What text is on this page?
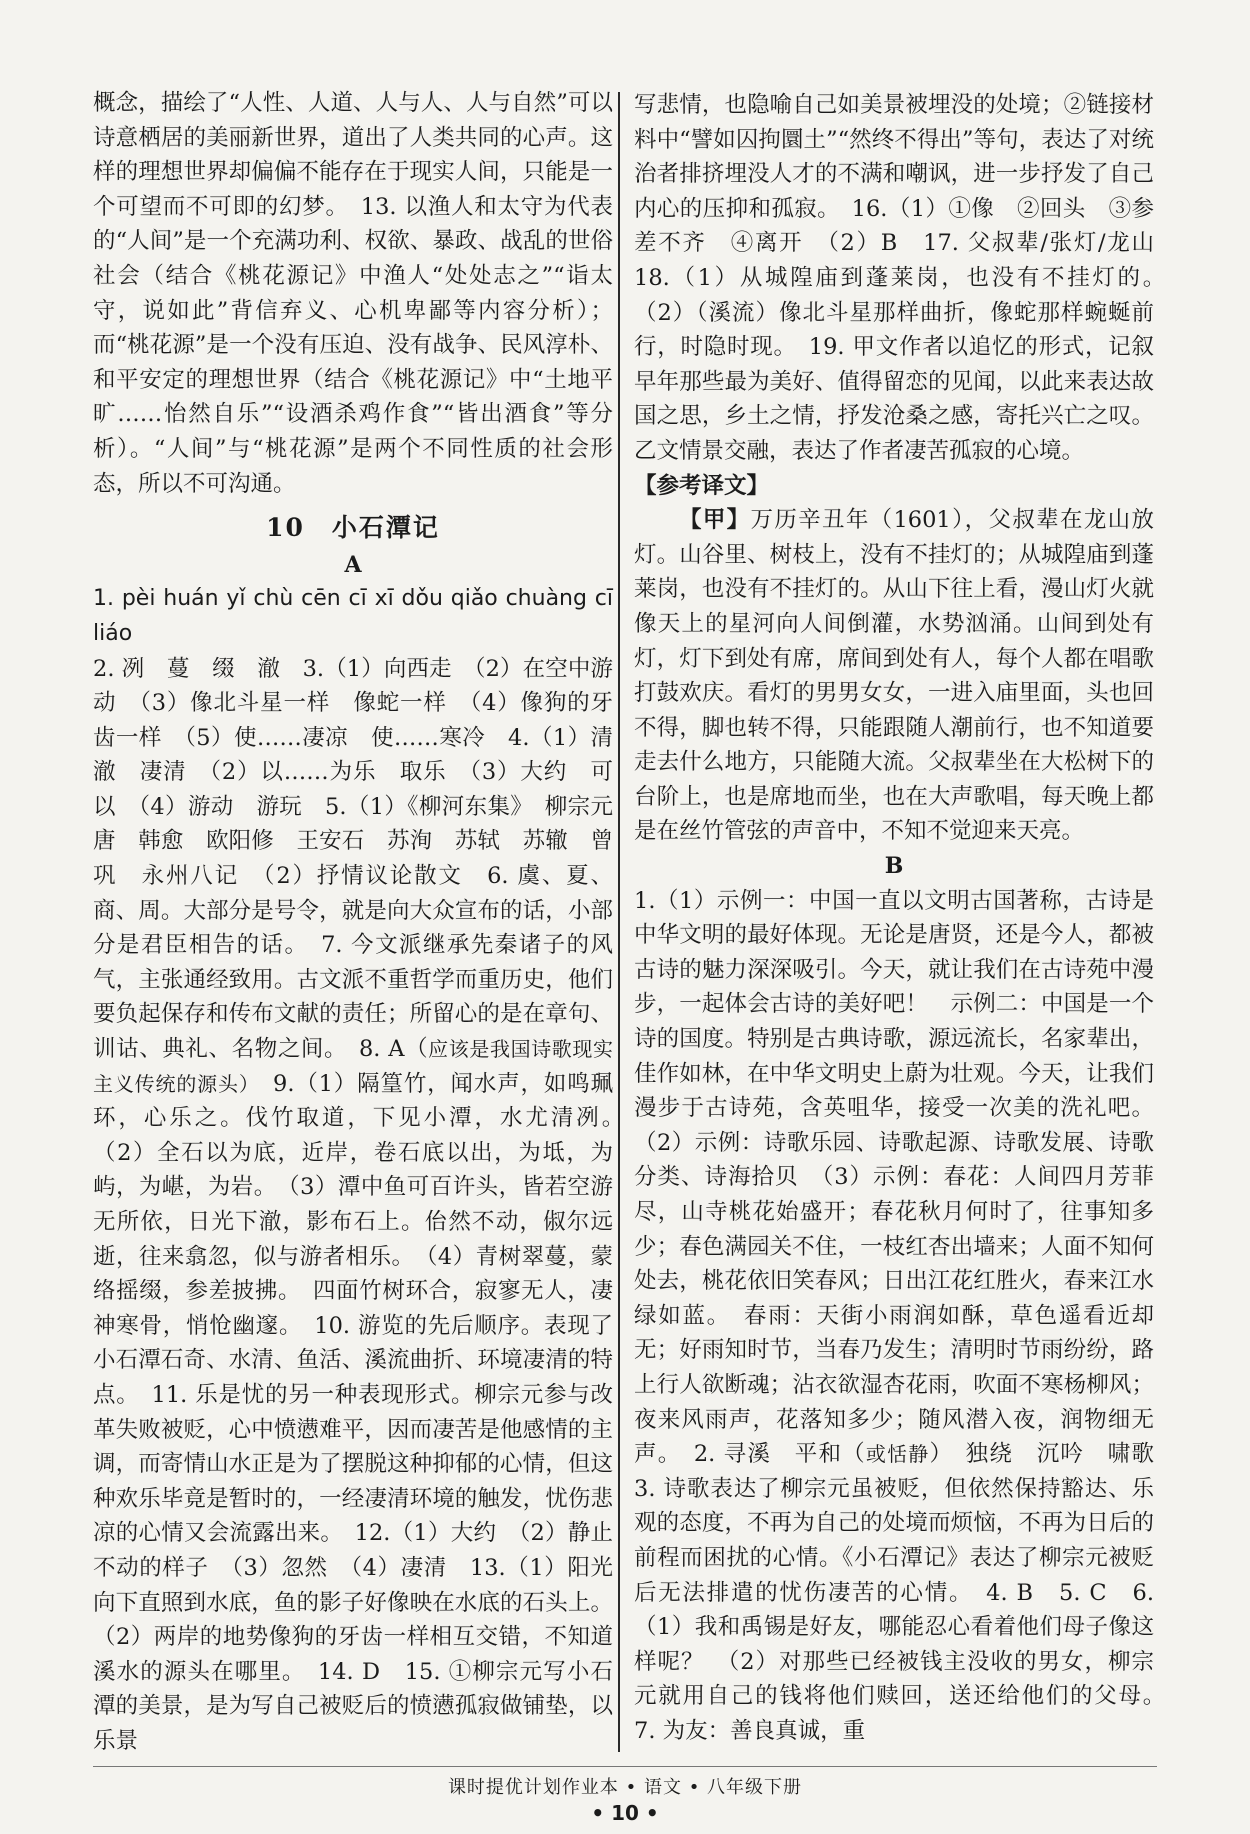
概念，描绘了“人性、人道、人与人、人与自然”可以诗意栖居的美丽新世界，道出了人类共同的心声。这样的理想世界却偏偏不能存在于现实人间，只能是一个可望而不可即的幻梦。　13. 以渔人和太守为代表的“人间”是一个充满功利、权欲、暴政、战乱的世俗社会（结合《桃花源记》中渔人“处处志之”“诣太守，说如此”背信弃义、心机卑鄙等内容分析）；而“桃花源”是一个没有压迫、没有战争、民风淳朴、和平安定的理想世界（结合《桃花源记》中“土地平旷……怡然自乐”“设酒杀鸡作食”“皆出酒食”等分析）。“人间”与“桃花源”是两个不同性质的社会形态，所以不可沟通。

10　小石潭记
A

1. pèi huán yǐ chù cēn cī xī dǒu qiǎo chuàng cī liáo

2. 冽　蔓　缀　澈　3.（1）向西走　（2）在空中游动　（3）像北斗星一样　像蛇一样　（4）像狗的牙齿一样　（5）使……凄凉　使……寒冷　4.（1）清澈　凄清　（2）以……为乐　取乐　（3）大约　可以　（4）游动　游玩　5.（1）《柳河东集》　柳宗元　唐　韩愈　欧阳修　王安石　苏洵　苏轼　苏辙　曾巩　永州八记　（2）抒情议论散文　6. 虞、夏、商、周。大部分是号令，就是向大众宣布的话，小部分是君臣相告的话。　7. 今文派继承先秦诸子的风气，主张通经致用。古文派不重哲学而重历史，他们要负起保存和传布文献的责任；所留心的是在章句、训诂、典礼、名物之间。　8. A（应该是我国诗歌现实主义传统的源头）　9.（1）隔篁竹，闻水声，如鸣珮环，心乐之。伐竹取道，下见小潭，水尤清冽。　（2）全石以为底，近岸，卷石底以出，为坻，为屿，为嵁，为岩。　（3）潭中鱼可百许头，皆若空游无所依，日光下澈，影布石上。佁然不动，俶尔远逝，往来翕忽，似与游者相乐。　（4）青树翠蔓，蒙络摇缀，参差披拂。　四面竹树环合，寂寥无人，凄神寒骨，悄怆幽邃。　10. 游览的先后顺序。表现了小石潭石奇、水清、鱼活、溪流曲折、环境凄清的特点。　11. 乐是忧的另一种表现形式。柳宗元参与改革失败被贬，心中愤懑难平，因而凄苦是他感情的主调，而寄情山水正是为了摆脱这种抑郁的心情，但这种欢乐毕竟是暂时的，一经凄清环境的触发，忧伤悲凉的心情又会流露出来。　12.（1）大约　（2）静止不动的样子　（3）忽然　（4）凄清　13.（1）阳光向下直照到水底，鱼的影子好像映在水底的石头上。（2）两岸的地势像狗的牙齿一样相互交错，不知道溪水的源头在哪里。　14. D　15. ①柳宗元写小石潭的美景，是为写自己被贬后的愤懑孤寂做铺垫，以乐景

写悲情，也隐喻自己如美景被埋没的处境；②链接材料中“譬如囚拘圜土”“然终不得出”等句，表达了对统治者排挤埋没人才的不满和嘲讽，进一步抒发了自己内心的压抑和孤寂。　16.（1）①像　②回头　③参差不齐　④离开　（2）B　17. 父叔辈/张灯/龙山　18.（1）从城隍庙到蓬莱岗，也没有不挂灯的。　（2）（溪流）像北斗星那样曲折，像蛇那样蜿蜒前行，时隐时现。　19. 甲文作者以追忆的形式，记叙早年那些最为美好、值得留恋的见闻，以此来表达故国之思，乡土之情，抒发沧桑之感，寄托兴亡之叹。乙文情景交融，表达了作者凄苦孤寂的心境。

【参考译文】

【甲】万历辛丑年（1601），父叔辈在龙山放灯。山谷里、树枝上，没有不挂灯的；从城隍庙到蓬莱岗，也没有不挂灯的。从山下往上看，漫山灯火就像天上的星河向人间倒灌，水势汹涌。山间到处有灯，灯下到处有席，席间到处有人，每个人都在唱歌打鼓欢庆。看灯的男男女女，一进入庙里面，头也回不得，脚也转不得，只能跟随人潮前行，也不知道要走去什么地方，只能随大流。父叔辈坐在大松树下的台阶上，也是席地而坐，也在大声歌唱，每天晚上都是在丝竹管弦的声音中，不知不觉迎来天亮。

B

1.（1）示例一：中国一直以文明古国著称，古诗是中华文明的最好体现。无论是唐贤，还是今人，都被古诗的魅力深深吸引。今天，就让我们在古诗苑中漫步，一起体会古诗的美好吧！　示例二：中国是一个诗的国度。特别是古典诗歌，源远流长，名家辈出，佳作如林，在中华文明史上蔚为壮观。今天，让我们漫步于古诗苑，含英咀华，接受一次美的洗礼吧。（2）示例：诗歌乐园、诗歌起源、诗歌发展、诗歌分类、诗海拾贝　（3）示例：春花：人间四月芳菲尽，山寺桃花始盛开；春花秋月何时了，往事知多少；春色满园关不住，一枝红杏出墙来；人面不知何处去，桃花依旧笑春风；日出江花红胜火，春来江水绿如蓝。　春雨：天街小雨润如酥，草色遥看近却无；好雨知时节，当春乃发生；清明时节雨纷纷，路上行人欲断魂；沾衣欲湿杏花雨，吹面不寒杨柳风；夜来风雨声，花落知多少；随风潜入夜，润物细无声。　2. 寻溪　平和（或恬静）　独绕　沉吟　啸歌　3. 诗歌表达了柳宗元虽被贬，但依然保持豁达、乐观的态度，不再为自己的处境而烦恼，不再为日后的前程而困扰的心情。《小石潭记》表达了柳宗元被贬后无法排遣的忧伤凄苦的心情。　4. B　5. C　6.（1）我和禹锡是好友，哪能忍心看着他们母子像这样呢？　（2）对那些已经被钱主没收的男女，柳宗元就用自己的钱将他们赎回，送还给他们的父母。　7. 为友：善良真诚，重

课时提优计划作业本 • 语文 • 八年级下册
• 10 •
